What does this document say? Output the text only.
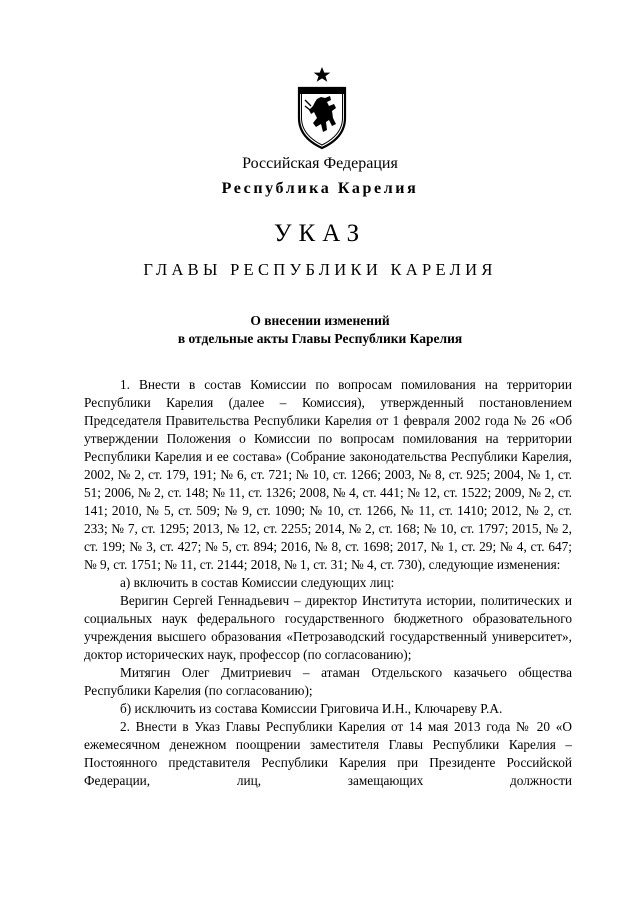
Российская Федерация
Республика Карелия
УКАЗ
ГЛАВЫ РЕСПУБЛИКИ КАРЕЛИЯ
О внесении изменений
в отдельные акты Главы Республики Карелия

1. Внести в состав Комиссии по вопросам помилования на территории Республики Карелия (далее – Комиссия), утвержденный постановлением Председателя Правительства Республики Карелия от 1 февраля 2002 года № 26 «Об утверждении Положения о Комиссии по вопросам помилования на территории Республики Карелия и ее состава» (Собрание законодательства Республики Карелия, 2002, № 2, ст. 179, 191; № 6, ст. 721; № 10, ст. 1266; 2003, № 8, ст. 925; 2004, № 1, ст. 51; 2006, № 2, ст. 148; № 11, ст. 1326; 2008, № 4, ст. 441; № 12, ст. 1522; 2009, № 2, ст. 141; 2010, № 5, ст. 509; № 9, ст. 1090; № 10, ст. 1266, № 11, ст. 1410; 2012, № 2, ст. 233; № 7, ст. 1295; 2013, № 12, ст. 2255; 2014, № 2, ст. 168; № 10, ст. 1797; 2015, № 2, ст. 199; № 3, ст. 427; № 5, ст. 894; 2016, № 8, ст. 1698; 2017, № 1, ст. 29; № 4, ст. 647; № 9, ст. 1751; № 11, ст. 2144; 2018, № 1, ст. 31; № 4, ст. 730), следующие изменения:

а) включить в состав Комиссии следующих лиц:

Веригин Сергей Геннадьевич – директор Института истории, политических и социальных наук федерального государственного бюджетного образовательного учреждения высшего образования «Петрозаводский государственный университет», доктор исторических наук, профессор (по согласованию);

Митягин Олег Дмитриевич – атаман Отдельского казачьего общества Республики Карелия (по согласованию);

б) исключить из состава Комиссии Григовича И.Н., Ключареву Р.А.

2. Внести в Указ Главы Республики Карелия от 14 мая 2013 года № 20 «О ежемесячном денежном поощрении заместителя Главы Республики Карелия – Постоянного представителя Республики Карелия при Президенте Российской Федерации, лиц, замещающих должности
